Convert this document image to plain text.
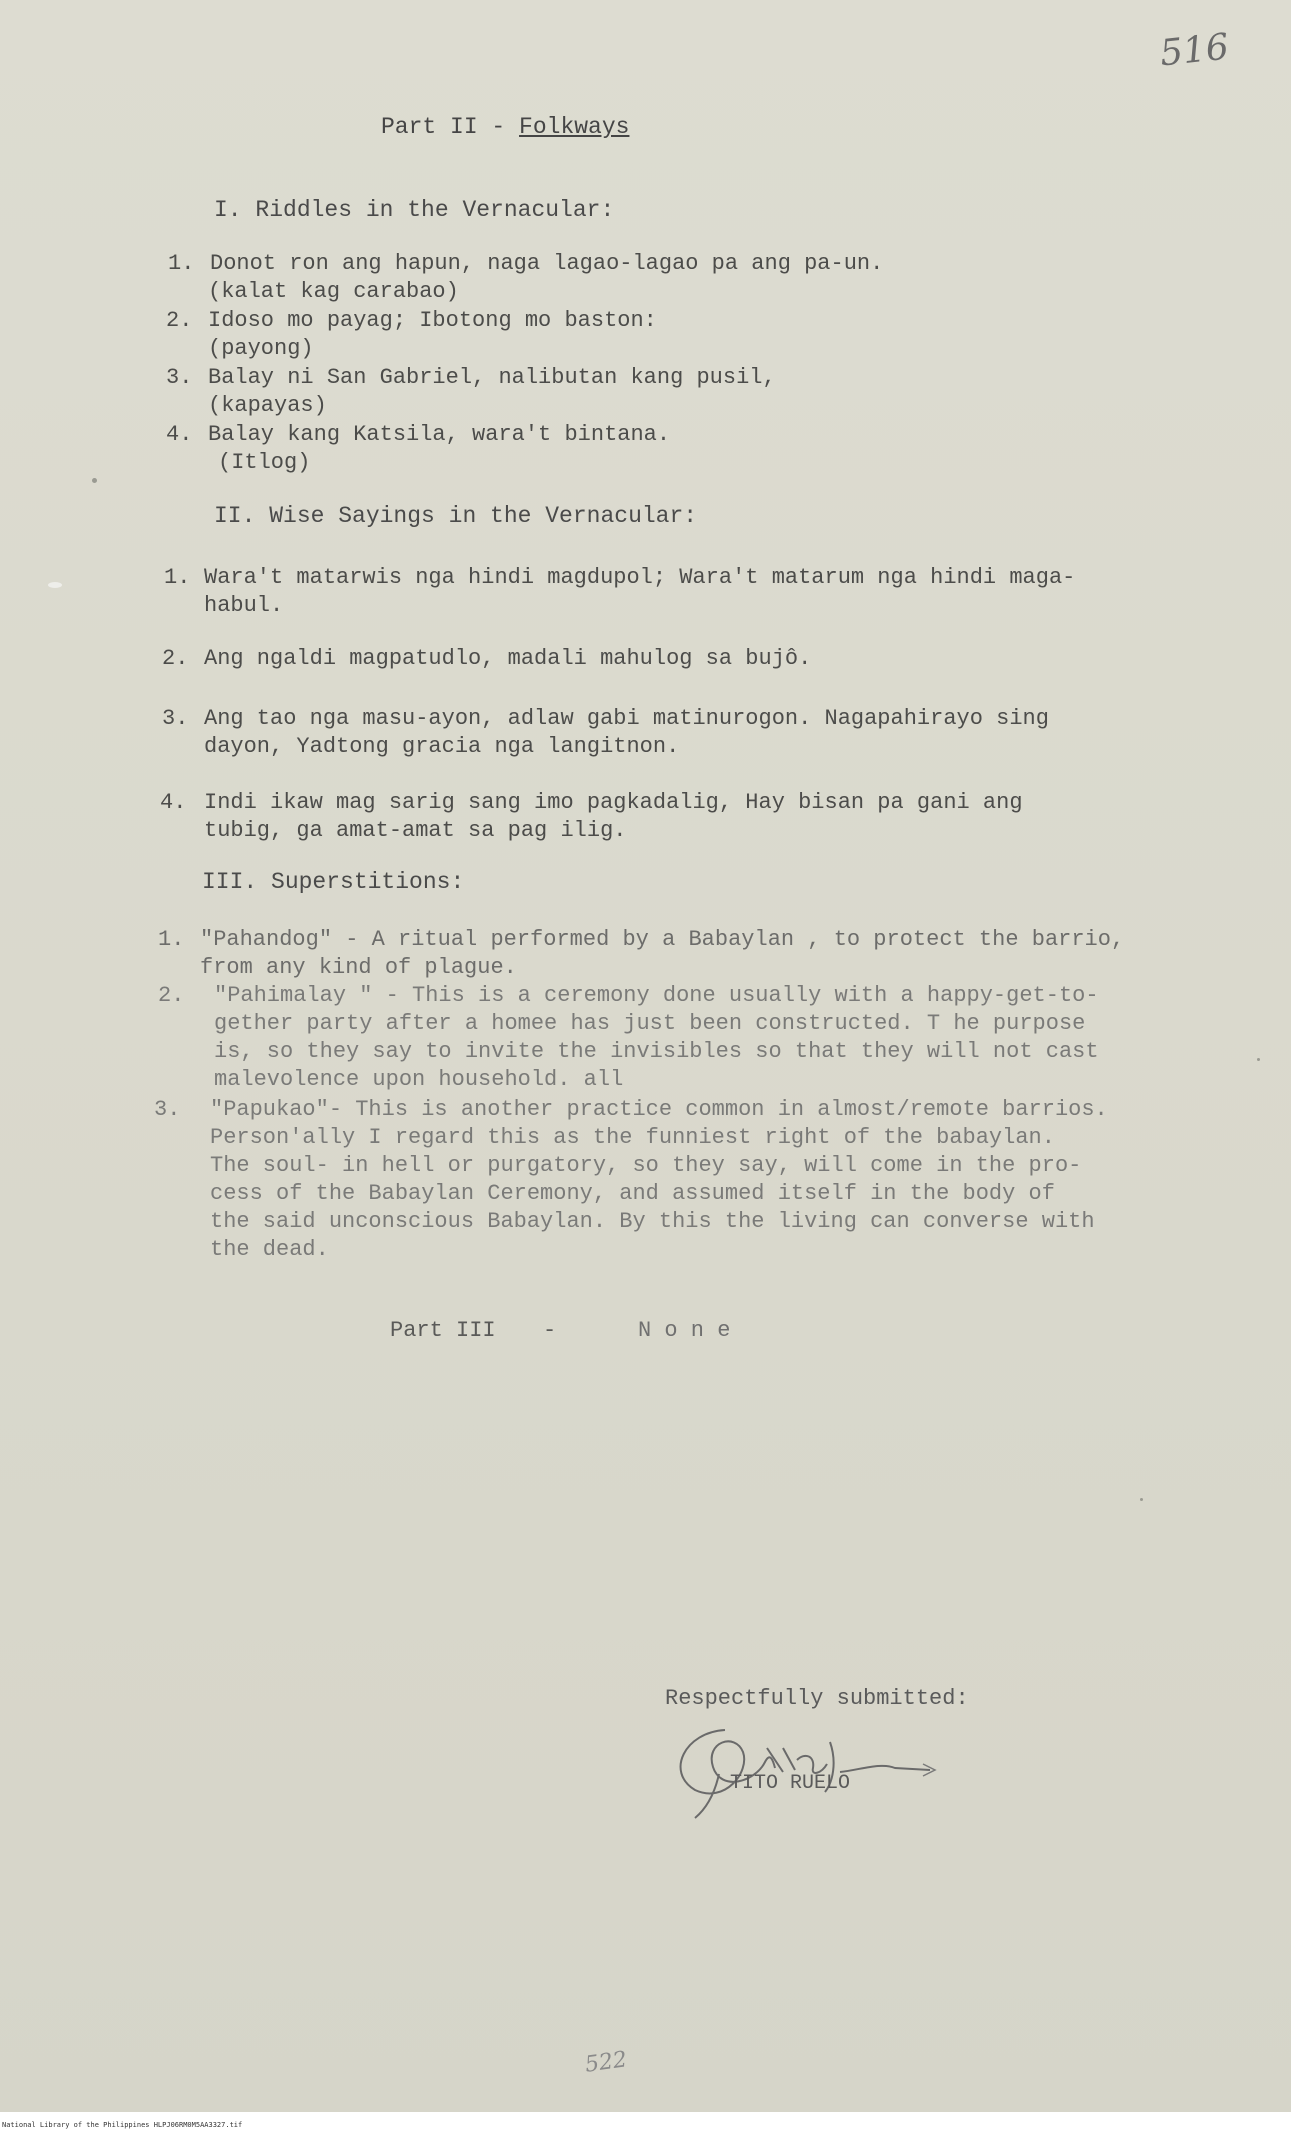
516
Part II - Folkways
I. Riddles in the Vernacular:
1. Donot ron ang hapun, naga lagao-lagao pa ang pa-un.
(kalat kag carabao)
2. Idoso mo payag; Ibotong mo baston:
(payong)
3. Balay ni San Gabriel, nalibutan kang pusil,
(kapayas)
4. Balay kang Katsila, wara't bintana.
(Itlog)
II. Wise Sayings in the Vernacular:
1. Wara't matarwis nga hindi magdupol; Wara't matarum nga hindi maga-
habul.
2. Ang ngaldi magpatudlo, madali mahulog sa bujô.
3. Ang tao nga masu-ayon, adlaw gabi matinurogon. Nagapahirayo sing
dayon, Yadtong gracia nga langitnon.
4. Indi ikaw mag sarig sang imo pagkadalig, Hay bisan pa gani ang
tubig, ga amat-amat sa pag ilig.
III. Superstitions:
1. "Pahandog" - A ritual performed by a Babaylan , to protect the barrio,
from any kind of plague.
2. "Pahimalay " - This is a ceremony done usually with a happy-get-to-
gether party after a homee has just been constructed. T he purpose
is, so they say to invite the invisibles so that they will not cast
malevolence upon household. all
3. "Papukao"- This is another practice common in almost/remote barrios.
Person'ally I regard this as the funniest right of the babaylan.
The soul- in hell or purgatory, so they say, will come in the pro-
cess of the Babaylan Ceremony, and assumed itself in the body of
the said unconscious Babaylan. By this the living can converse with
the dead.
Part III -	N o n e
Respectfully submitted:
TITO RUELO
522
National Library of the Philippines HLPJ06RM0M5AA3327.tif
